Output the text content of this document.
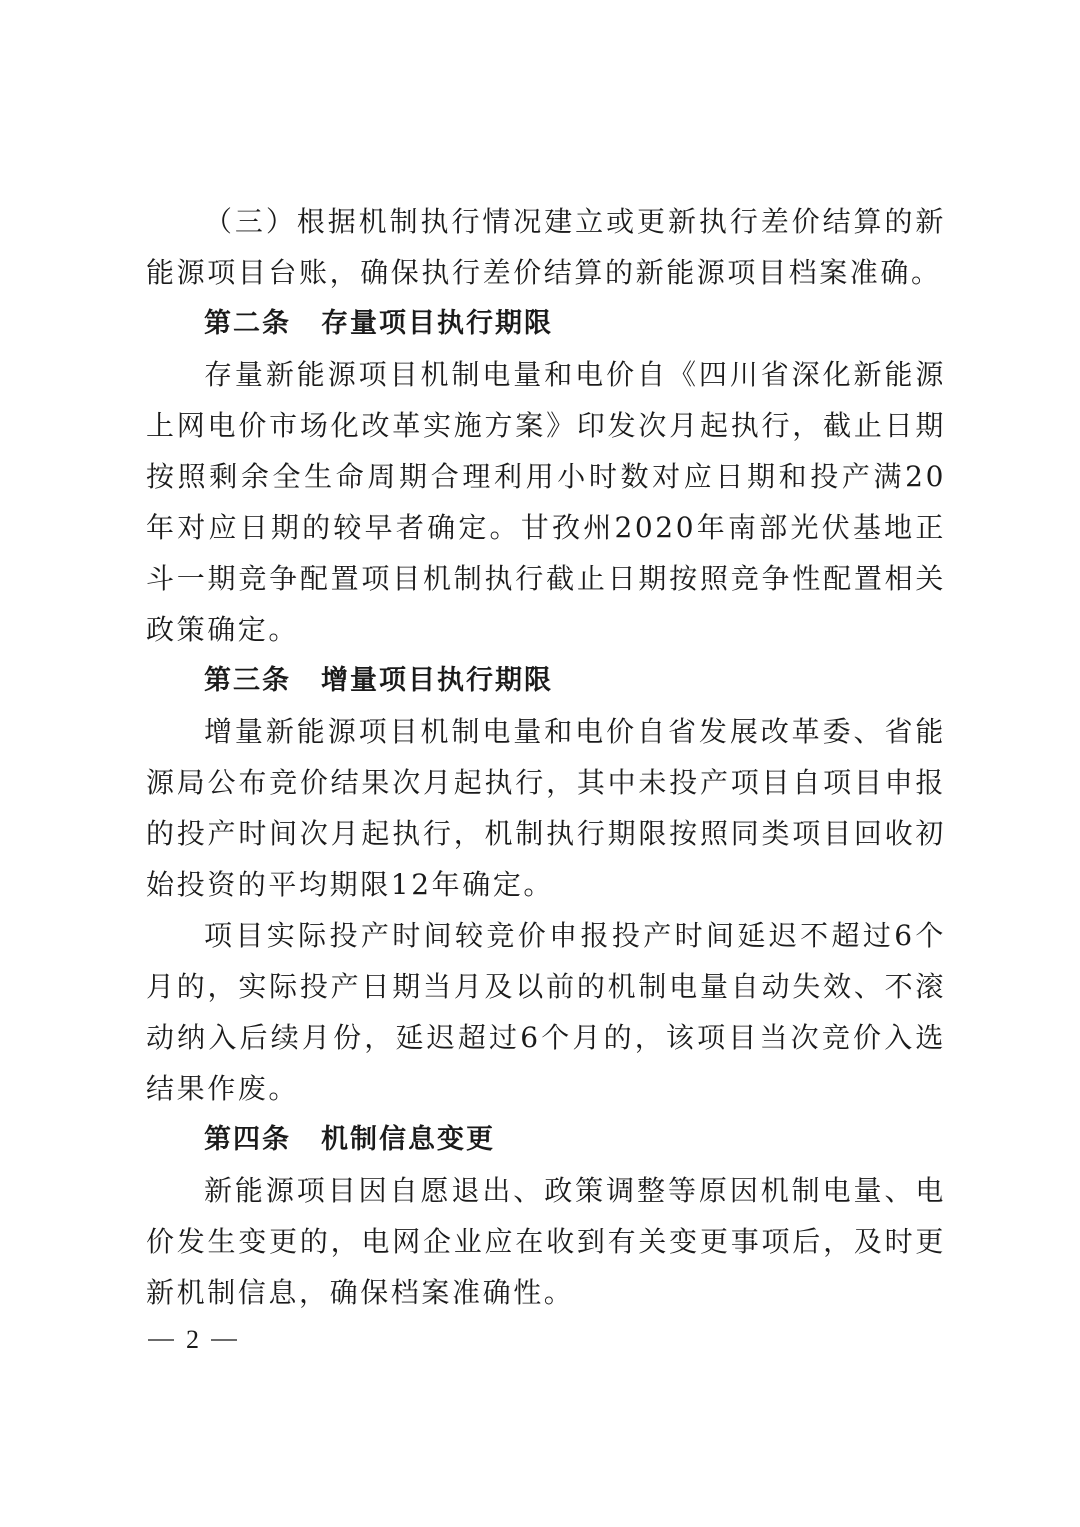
（三）根据机制执行情况建立或更新执行差价结算的新能源项目台账，确保执行差价结算的新能源项目档案准确。

第二条 存量项目执行期限

存量新能源项目机制电量和电价自《四川省深化新能源上网电价市场化改革实施方案》印发次月起执行，截止日期按照剩余全生命周期合理利用小时数对应日期和投产满20年对应日期的较早者确定。甘孜州2020年南部光伏基地正斗一期竞争配置项目机制执行截止日期按照竞争性配置相关政策确定。

第三条 增量项目执行期限

增量新能源项目机制电量和电价自省发展改革委、省能源局公布竞价结果次月起执行，其中未投产项目自项目申报的投产时间次月起执行，机制执行期限按照同类项目回收初始投资的平均期限12年确定。

项目实际投产时间较竞价申报投产时间延迟不超过6个月的，实际投产日期当月及以前的机制电量自动失效、不滚动纳入后续月份，延迟超过6个月的，该项目当次竞价入选结果作废。

第四条 机制信息变更

新能源项目因自愿退出、政策调整等原因机制电量、电价发生变更的，电网企业应在收到有关变更事项后，及时更新机制信息，确保档案准确性。

2
